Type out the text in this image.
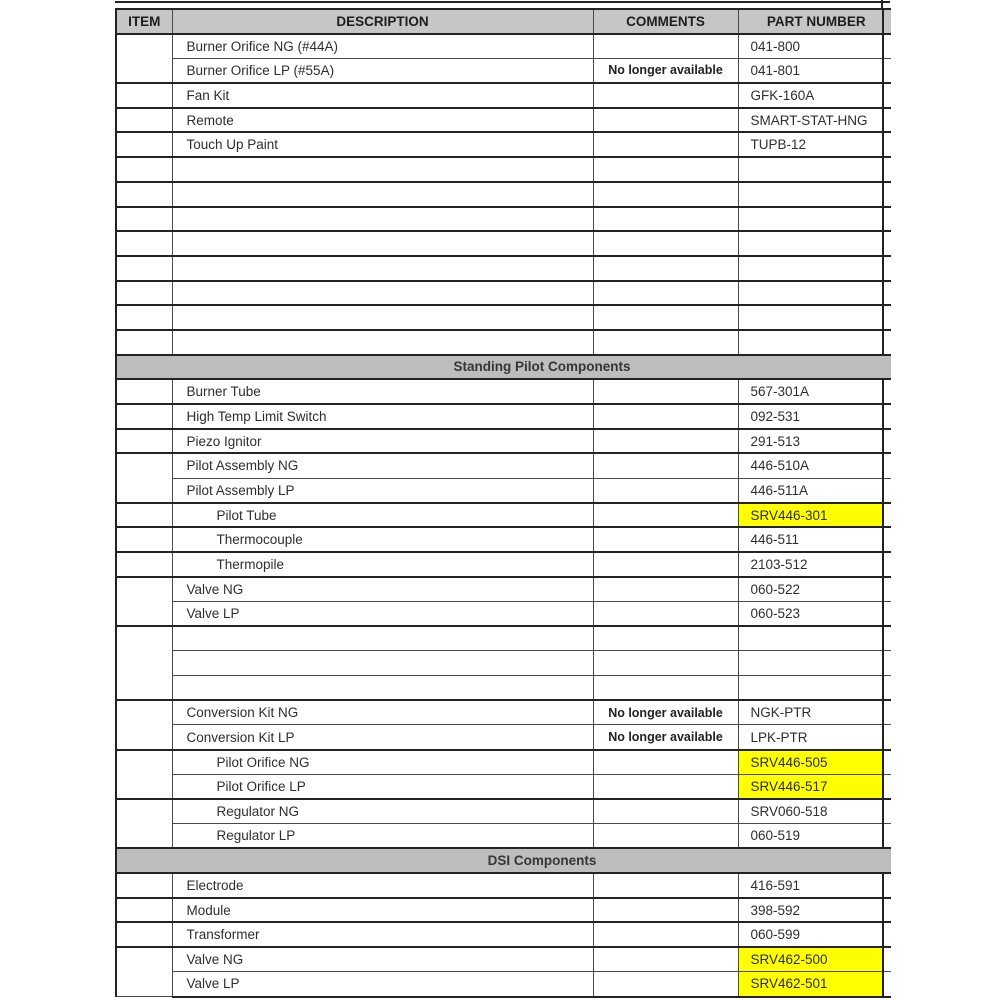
ITEM	DESCRIPTION	COMMENTS	PART NUMBER	
	Burner Orifice NG (#44A)		041-800	
	Burner Orifice LP (#55A)	No longer available	041-801	
	Fan Kit		GFK-160A	
	Remote		SMART-STAT-HNG	
	Touch Up Paint		TUPB-12	

Standing Pilot Components				
	Burner Tube		567-301A	
	High Temp Limit Switch		092-531	
	Piezo Ignitor		291-513	
	Pilot Assembly NG		446-510A	
	Pilot Assembly LP		446-511A	
	Pilot Tube		SRV446-301	
	Thermocouple		446-511	
	Thermopile		2103-512	
	Valve NG		060-522	
	Valve LP		060-523	

	Conversion Kit NG	No longer available	NGK-PTR	
	Conversion Kit LP	No longer available	LPK-PTR	
	Pilot Orifice NG		SRV446-505	
	Pilot Orifice LP		SRV446-517	
	Regulator NG		SRV060-518	
	Regulator LP		060-519	
DSI Components				
	Electrode		416-591	
	Module		398-592	
	Transformer		060-599	
	Valve NG		SRV462-500	
	Valve LP		SRV462-501	
